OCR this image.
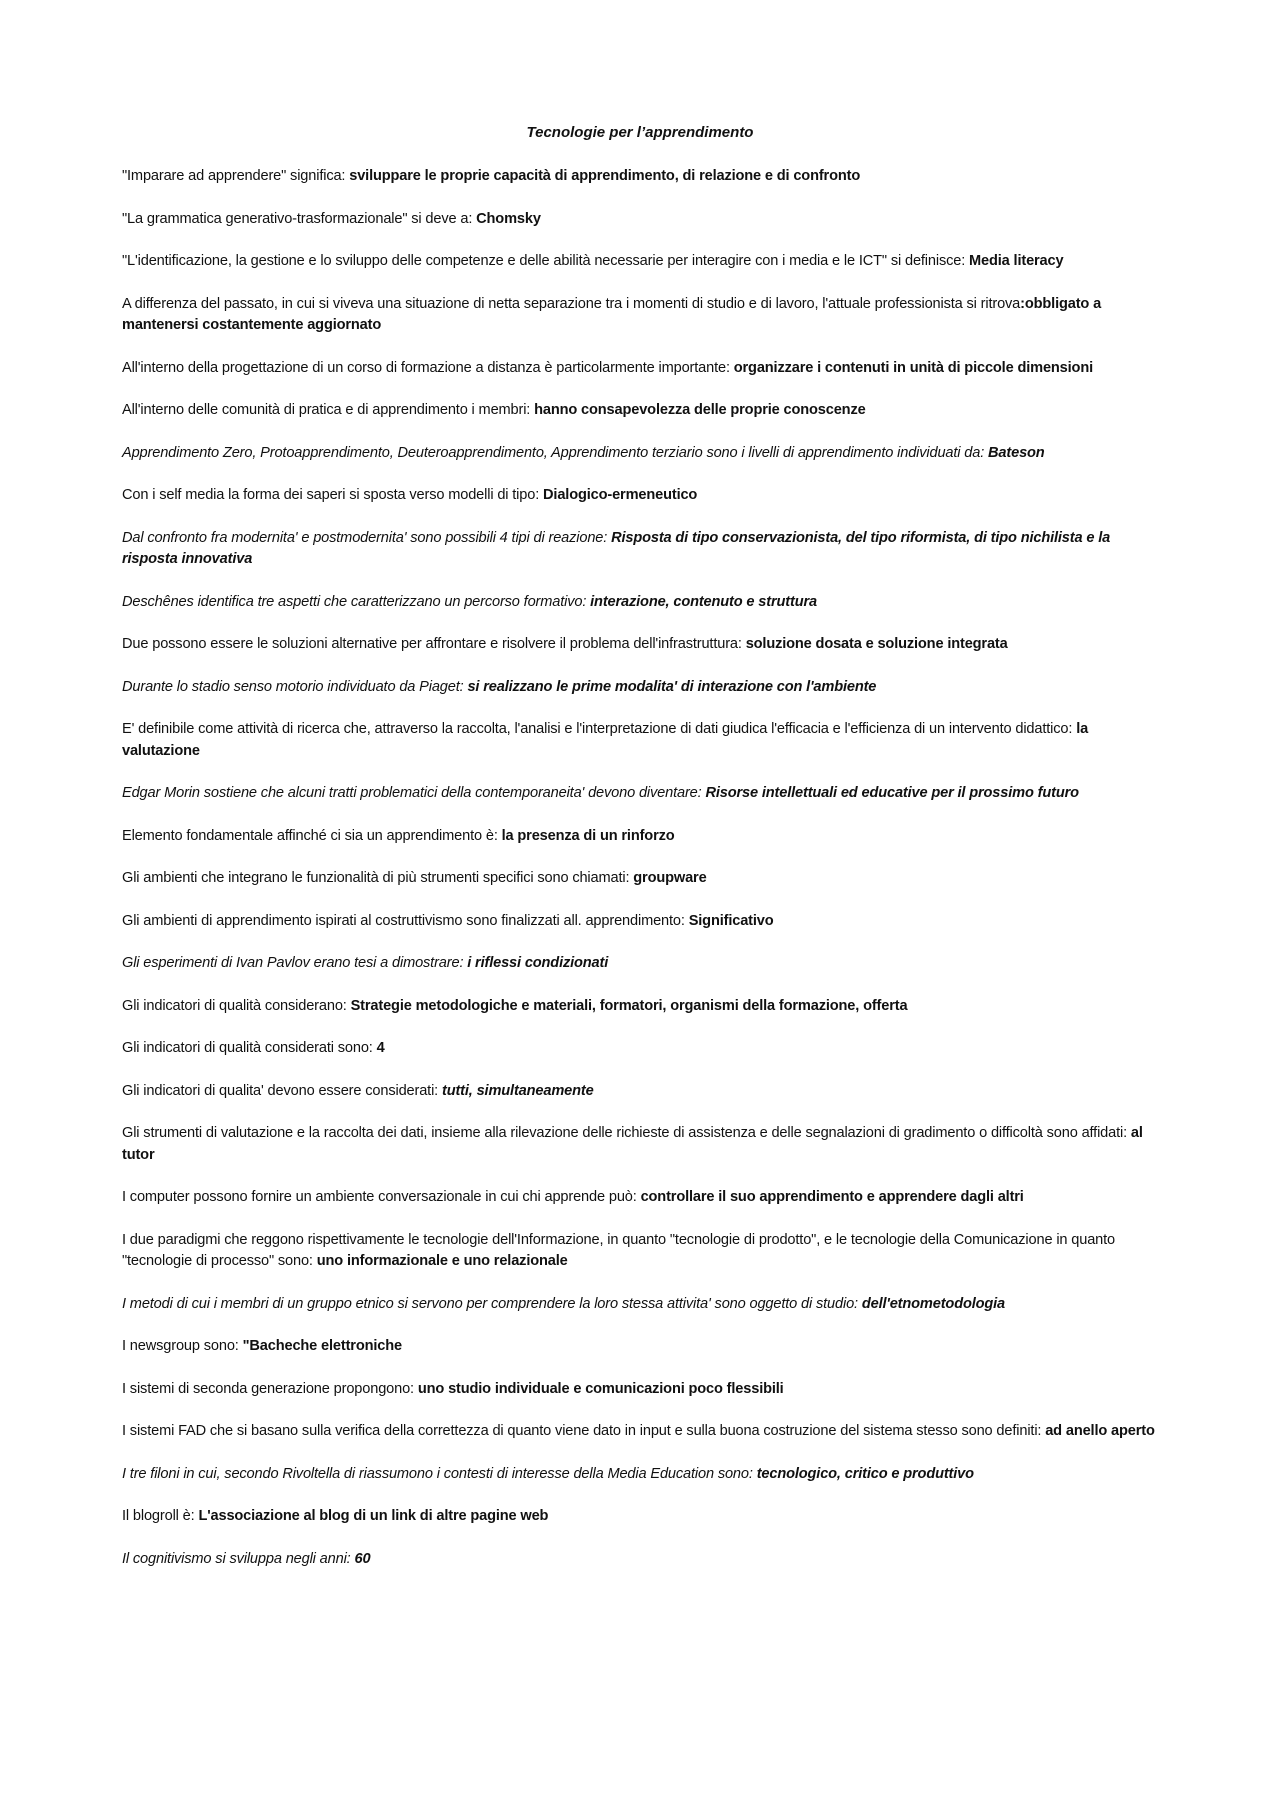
Tecnologie per l’apprendimento
"Imparare ad apprendere" significa: sviluppare le proprie capacità di apprendimento, di relazione e di confronto
"La grammatica generativo-trasformazionale" si deve a: Chomsky
"L'identificazione, la gestione e lo sviluppo delle competenze e delle abilità necessarie per interagire con i media e le ICT" si definisce: Media literacy
A differenza del passato, in cui si viveva una situazione di netta separazione tra i momenti di studio e di lavoro, l'attuale professionista si ritrova:obbligato a mantenersi costantemente aggiornato
All'interno della progettazione di un corso di formazione a distanza è particolarmente importante: organizzare i contenuti in unità di piccole dimensioni
All'interno delle comunità di pratica e di apprendimento i membri: hanno consapevolezza delle proprie conoscenze
Apprendimento Zero, Protoapprendimento, Deuteroapprendimento, Apprendimento terziario sono i livelli di apprendimento individuati da: Bateson
Con i self media la forma dei saperi si sposta verso modelli di tipo: Dialogico-ermeneutico
Dal confronto fra modernita' e postmodernita' sono possibili 4 tipi di reazione: Risposta di tipo conservazionista, del tipo riformista, di tipo nichilista e la risposta innovativa
Deschênes identifica tre aspetti che caratterizzano un percorso formativo: interazione, contenuto e struttura
Due possono essere le soluzioni alternative per affrontare e risolvere il problema dell'infrastruttura: soluzione dosata e soluzione integrata
Durante lo stadio senso motorio individuato da Piaget: si realizzano le prime modalita' di interazione con l'ambiente
E' definibile come attività di ricerca che, attraverso la raccolta, l'analisi e l'interpretazione di dati giudica l'efficacia e l'efficienza di un intervento didattico: la valutazione
Edgar Morin sostiene che alcuni tratti problematici della contemporaneita' devono diventare: Risorse intellettuali ed educative per il prossimo futuro
Elemento fondamentale affinché ci sia un apprendimento è: la presenza di un rinforzo
Gli ambienti che integrano le funzionalità di più strumenti specifici sono chiamati: groupware
Gli ambienti di apprendimento ispirati al costruttivismo sono finalizzati all. apprendimento: Significativo
Gli esperimenti di Ivan Pavlov erano tesi a dimostrare: i riflessi condizionati
Gli indicatori di qualità considerano: Strategie metodologiche e materiali, formatori, organismi della formazione, offerta
Gli indicatori di qualità considerati sono: 4
Gli indicatori di qualita' devono essere considerati: tutti, simultaneamente
Gli strumenti di valutazione e la raccolta dei dati, insieme alla rilevazione delle richieste di assistenza e delle segnalazioni di gradimento o difficoltà sono affidati: al tutor
I computer possono fornire un ambiente conversazionale in cui chi apprende può: controllare il suo apprendimento e apprendere dagli altri
I due paradigmi che reggono rispettivamente le tecnologie dell'Informazione, in quanto "tecnologie di prodotto", e le tecnologie della Comunicazione in quanto "tecnologie di processo" sono: uno informazionale e uno relazionale
I metodi di cui i membri di un gruppo etnico si servono per comprendere la loro stessa attivita' sono oggetto di studio: dell'etnometodologia
I newsgroup sono: "Bacheche elettroniche
I sistemi di seconda generazione propongono: uno studio individuale e comunicazioni poco flessibili
I sistemi FAD che si basano sulla verifica della correttezza di quanto viene dato in input e sulla buona costruzione del sistema stesso sono definiti: ad anello aperto
I tre filoni in cui, secondo Rivoltella di riassumono i contesti di interesse della Media Education sono: tecnologico, critico e produttivo
Il blogroll è: L'associazione al blog di un link di altre pagine web
Il cognitivismo si sviluppa negli anni: 60
